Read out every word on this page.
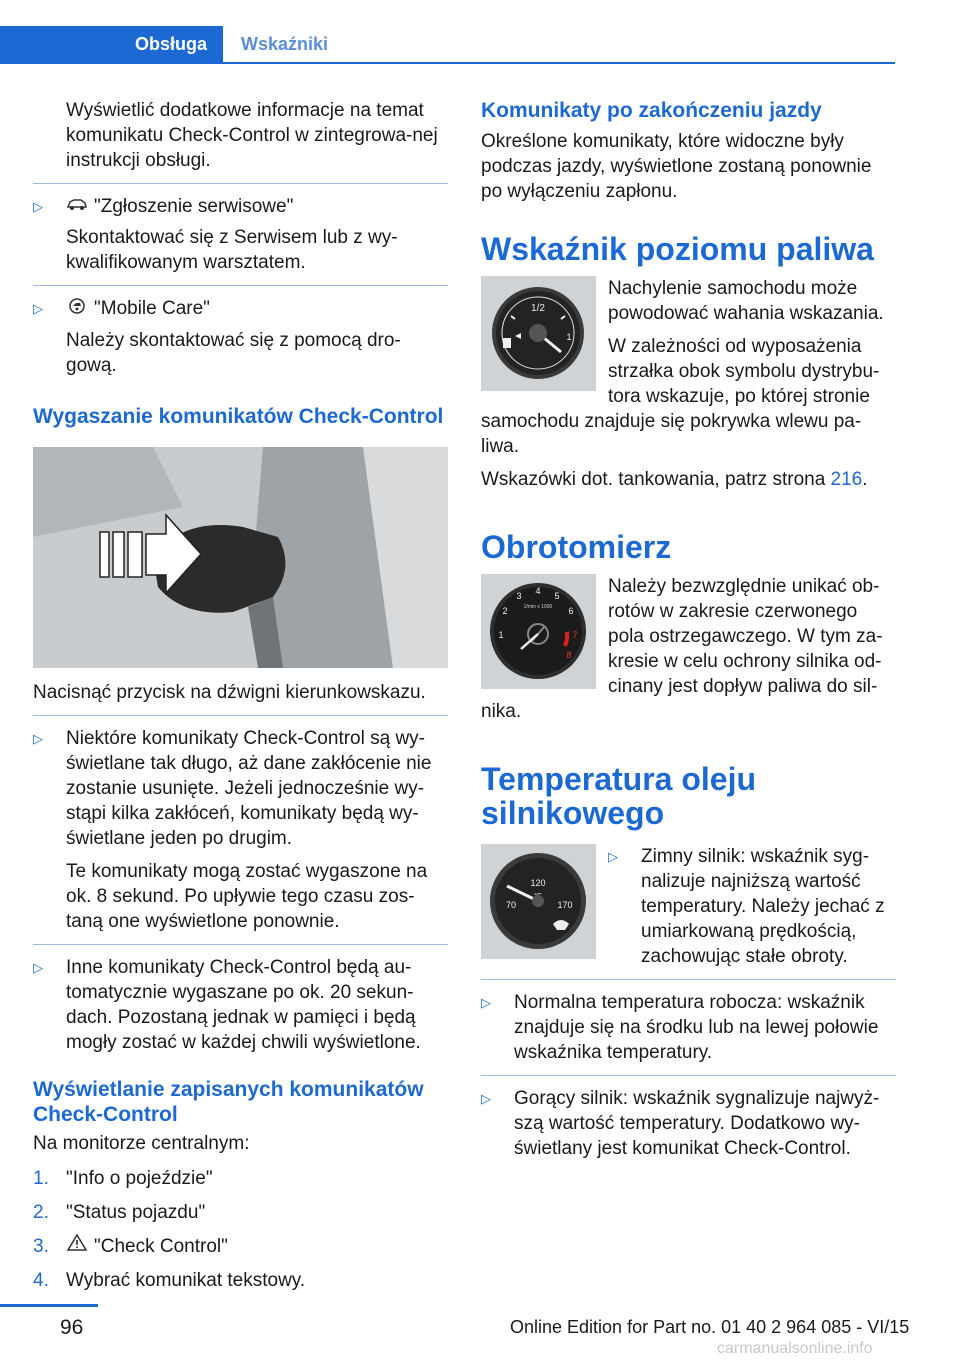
Obsługa	Wskaźniki

Wyświetlić dodatkowe informacje na temat komunikatu Check-Control w zintegrowa-nej instrukcji obsługi.

▷	"Zgłoszenie serwisowe"

Skontaktować się z Serwisem lub z wy-kwalifikowanym warsztatem.

▷	"Mobile Care"

Należy skontaktować się z pomocą dro-gową.

Wygaszanie komunikatów Check-Control

Nacisnąć przycisk na dźwigni kierunkowskazu.

▷ Niektóre komunikaty Check-Control są wy-świetlane tak długo, aż dane zakłócenie nie zostanie usunięte. Jeżeli jednocześnie wy-stąpi kilka zakłóceń, komunikaty będą wy-świetlane jeden po drugim.

Te komunikaty mogą zostać wygaszone na ok. 8 sekund. Po upływie tego czasu zos-taną one wyświetlone ponownie.

▷ Inne komunikaty Check-Control będą au-tomatycznie wygaszane po ok. 20 sekun-dach. Pozostaną jednak w pamięci i będą mogły zostać w każdej chwili wyświetlone.

Wyświetlanie zapisanych komunikatów Check-Control

Na monitorze centralnym:

1. "Info o pojeździe"
2. "Status pojazdu"
3. "Check Control"
4. Wybrać komunikat tekstowy.
Komunikaty po zakończeniu jazdy

Określone komunikaty, które widoczne były podczas jazdy, wyświetlone zostaną ponownie po wyłączeniu zapłonu.

Wskaźnik poziomu paliwa
1/2
1

Nachylenie samochodu może powodować wahania wskazania.

W zależności od wyposażenia strzałka obok symbolu dystrybu-tora wskazuje, po której stronie samochodu znajduje się pokrywka wlewu pa-liwa.

Wskazówki dot. tankowania, patrz strona 216.

Obrotomierz
1
2
3 4 5
6
7
8
1/min x 1000

Należy bezwzględnie unikać ob-rotów w zakresie czerwonego pola ostrzegawczego. W tym za-kresie w celu ochrony silnika od-cinany jest dopływ paliwa do sil-nika.

Temperatura oleju silnikowego
70
120
170
▷ Zimny silnik: wskaźnik syg-nalizuje najniższą wartość temperatury. Należy jechać z umiarkowaną prędkością, zachowując stałe obroty.

▷ Normalna temperatura robocza: wskaźnik znajduje się na środku lub na lewej połowie wskaźnika temperatury.

▷ Gorący silnik: wskaźnik sygnalizuje najwyż-szą wartość temperatury. Dodatkowo wy-świetlany jest komunikat Check-Control.

96	Online Edition for Part no. 01 40 2 964 085 - VI/15
carmanualsonline.info
